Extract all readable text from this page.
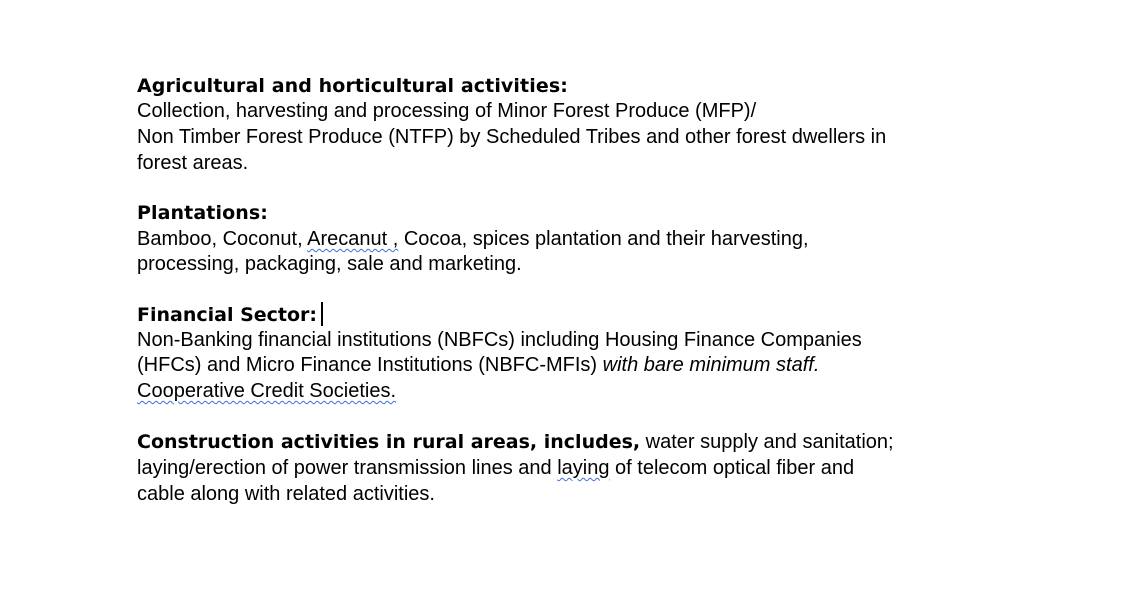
Agricultural and horticultural activities:

Collection, harvesting and processing of Minor Forest Produce (MFP)/

Non Timber Forest Produce (NTFP) by Scheduled Tribes and other forest dwellers in

forest areas.

Plantations:

Bamboo, Coconut, Arecanut , Cocoa, spices plantation and their harvesting,

processing, packaging, sale and marketing.

Financial Sector:

Non-Banking financial institutions (NBFCs) including Housing Finance Companies

(HFCs) and Micro Finance Institutions (NBFC-MFIs) with bare minimum staff.

Cooperative Credit Societies.

Construction activities in rural areas, includes, water supply and sanitation;

laying/erection of power transmission lines and laying of telecom optical fiber and

cable along with related activities.
